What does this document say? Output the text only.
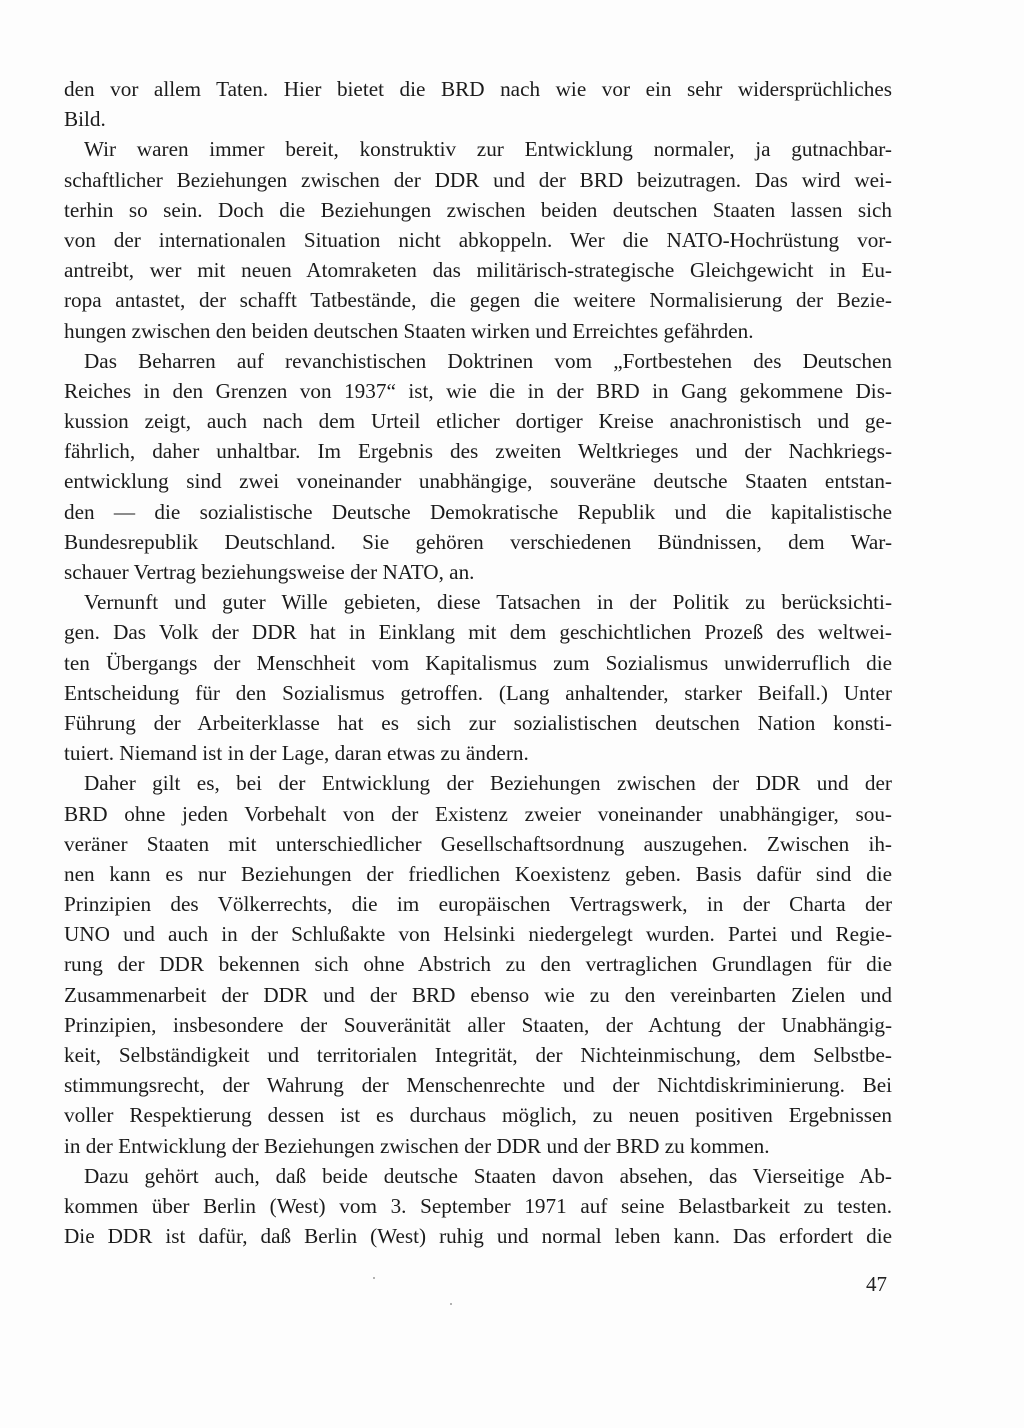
den vor allem Taten. Hier bietet die BRD nach wie vor ein sehr widersprüchliches
Bild.
Wir waren immer bereit, konstruktiv zur Entwicklung normaler, ja gutnachbar-
schaftlicher Beziehungen zwischen der DDR und der BRD beizutragen. Das wird wei-
terhin so sein. Doch die Beziehungen zwischen beiden deutschen Staaten lassen sich
von der internationalen Situation nicht abkoppeln. Wer die NATO-Hochrüstung vor-
antreibt, wer mit neuen Atomraketen das militärisch-strategische Gleichgewicht in Eu-
ropa antastet, der schafft Tatbestände, die gegen die weitere Normalisierung der Bezie-
hungen zwischen den beiden deutschen Staaten wirken und Erreichtes gefährden.
Das Beharren auf revanchistischen Doktrinen vom „Fortbestehen des Deutschen
Reiches in den Grenzen von 1937“ ist, wie die in der BRD in Gang gekommene Dis-
kussion zeigt, auch nach dem Urteil etlicher dortiger Kreise anachronistisch und ge-
fährlich, daher unhaltbar. Im Ergebnis des zweiten Weltkrieges und der Nachkriegs-
entwicklung sind zwei voneinander unabhängige, souveräne deutsche Staaten entstan-
den — die sozialistische Deutsche Demokratische Republik und die kapitalistische
Bundesrepublik Deutschland. Sie gehören verschiedenen Bündnissen, dem War-
schauer Vertrag beziehungsweise der NATO, an.
Vernunft und guter Wille gebieten, diese Tatsachen in der Politik zu berücksichti-
gen. Das Volk der DDR hat in Einklang mit dem geschichtlichen Prozeß des weltwei-
ten Übergangs der Menschheit vom Kapitalismus zum Sozialismus unwiderruflich die
Entscheidung für den Sozialismus getroffen. (Lang anhaltender, starker Beifall.) Unter
Führung der Arbeiterklasse hat es sich zur sozialistischen deutschen Nation konsti-
tuiert. Niemand ist in der Lage, daran etwas zu ändern.
Daher gilt es, bei der Entwicklung der Beziehungen zwischen der DDR und der
BRD ohne jeden Vorbehalt von der Existenz zweier voneinander unabhängiger, sou-
veräner Staaten mit unterschiedlicher Gesellschaftsordnung auszugehen. Zwischen ih-
nen kann es nur Beziehungen der friedlichen Koexistenz geben. Basis dafür sind die
Prinzipien des Völkerrechts, die im europäischen Vertragswerk, in der Charta der
UNO und auch in der Schlußakte von Helsinki niedergelegt wurden. Partei und Regie-
rung der DDR bekennen sich ohne Abstrich zu den vertraglichen Grundlagen für die
Zusammenarbeit der DDR und der BRD ebenso wie zu den vereinbarten Zielen und
Prinzipien, insbesondere der Souveränität aller Staaten, der Achtung der Unabhängig-
keit, Selbständigkeit und territorialen Integrität, der Nichteinmischung, dem Selbstbe-
stimmungsrecht, der Wahrung der Menschenrechte und der Nichtdiskriminierung. Bei
voller Respektierung dessen ist es durchaus möglich, zu neuen positiven Ergebnissen
in der Entwicklung der Beziehungen zwischen der DDR und der BRD zu kommen.
Dazu gehört auch, daß beide deutsche Staaten davon absehen, das Vierseitige Ab-
kommen über Berlin (West) vom 3. September 1971 auf seine Belastbarkeit zu testen.
Die DDR ist dafür, daß Berlin (West) ruhig und normal leben kann. Das erfordert die
47
